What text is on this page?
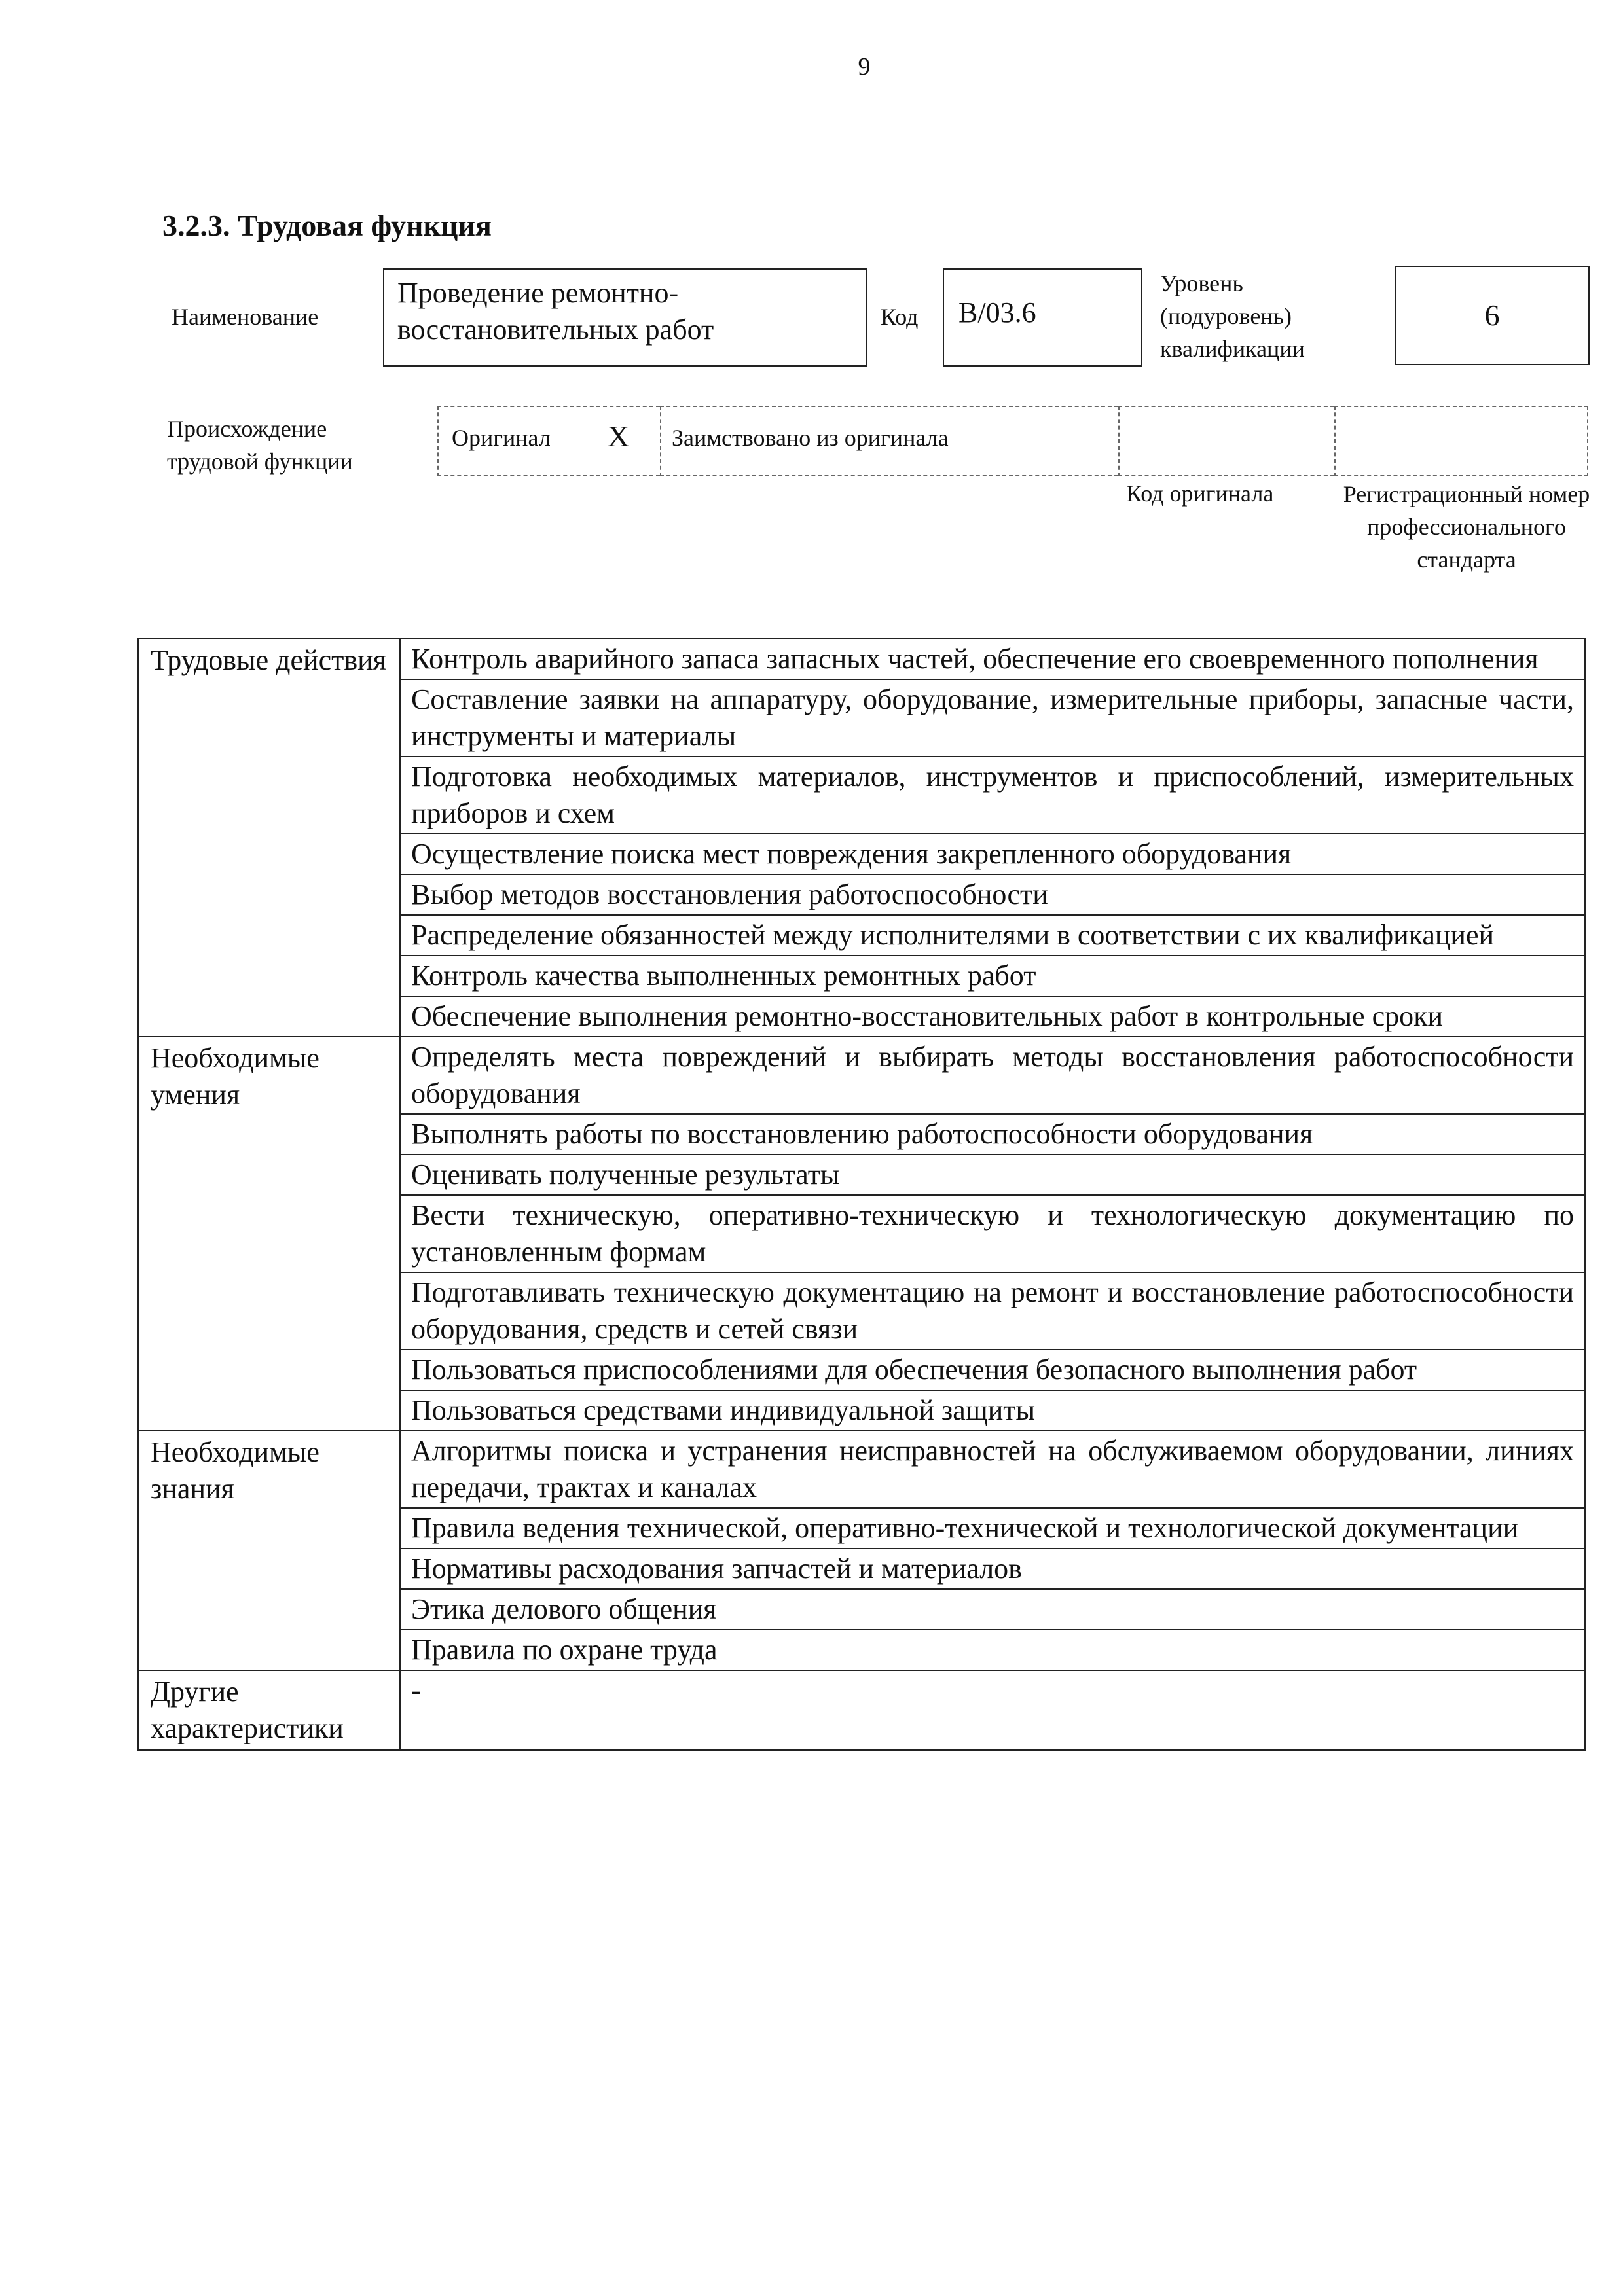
9
3.2.3. Трудовая функция
Наименование
Проведение ремонтно-восстановительных работ	Код	B/03.6
Уровень (подуровень) квалификации
6
Происхождение трудовой функции
Оригинал X Заимствовано из оригинала
Код оригинала	Регистрационный номер профессионального стандарта
Трудовые действия	Контроль аварийного запаса запасных частей, обеспечение его своевременного пополнения
	Составление заявки на аппаратуру, оборудование, измерительные приборы, запасные части, инструменты и материалы
	Подготовка необходимых материалов, инструментов и приспособлений, измерительных приборов и схем
	Осуществление поиска мест повреждения закрепленного оборудования
	Выбор методов восстановления работоспособности
	Распределение обязанностей между исполнителями в соответствии с их квалификацией
	Контроль качества выполненных ремонтных работ
	Обеспечение выполнения ремонтно-восстановительных работ в контрольные сроки
Необходимые умения	Определять места повреждений и выбирать методы восстановления работоспособности оборудования
	Выполнять работы по восстановлению работоспособности оборудования
	Оценивать полученные результаты
	Вести техническую, оперативно-техническую и технологическую документацию по установленным формам
	Подготавливать техническую документацию на ремонт и восстановление работоспособности оборудования, средств и сетей связи
	Пользоваться приспособлениями для обеспечения безопасного выполнения работ
	Пользоваться средствами индивидуальной защиты
Необходимые знания	Алгоритмы поиска и устранения неисправностей на обслуживаемом оборудовании, линиях передачи, трактах и каналах
	Правила ведения технической, оперативно-технической и технологической документации
	Нормативы расходования запчастей и материалов
	Этика делового общения
	Правила по охране труда
Другие характеристики	-
